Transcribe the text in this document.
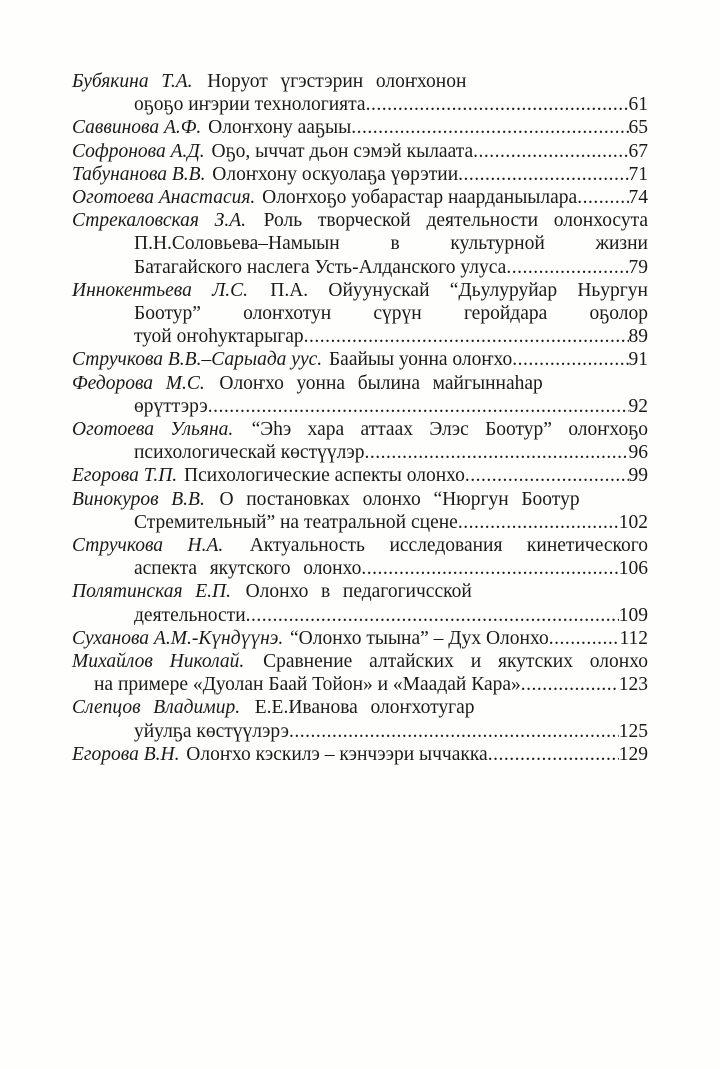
Бубякина Т.А. Норуот үгэстэрин олоҥхонон
оҕоҕо иҥэрии технологията .....	61
Саввинова А.Ф. Олоҥхону ааҕыы .....	65
Софронова А.Д. Оҕо, ыччат дьон сэмэй кылаата .....	67
Табунанова В.В. Олоҥхону оскуолаҕа үөрэтии .....	71
Оготоева Анастасия. Олоҥхоҕо уобарастар наарданыылара .....	74
Стрекаловская З.А. Роль творческой деятельности олонхосута
П.Н.Соловьева–Намыын в культурной жизни
Батагайского наслега Усть-Алданского улуса .....	79
Иннокентьева Л.С. П.А. Ойуунускай “Дьулуруйар Ньургун
Боотур” олоҥхотун сүрүн геройдара оҕолор
туой оҥоһуктарыгар .....	89
Стручкова В.В.–Сарыада уус. Баайыы уонна олоҥхо .....	91
Федорова М.С. Олоҥхо уонна былина майгыннаһар
өрүттэрэ .....	92
Оготоева Ульяна. “Эһэ хара аттаах Элэс Боотур” олоҥхоҕо
психологическай көстүүлэр .....	96
Егорова Т.П. Психологические аспекты олонхо .....	99
Винокуров В.В. О постановках олонхо “Нюргун Боотур
Стремительный” на театральной сцене .....	102
Стручкова Н.А. Актуальность исследования кинетического
аспекта якутского олонхо .....	106
Полятинская Е.П. Олонхо в педагогичсской
деятельности .....	109
Суханова А.М.-Күндүүнэ. “Олонхо тыына” – Дух Олонхо .....	112
Михайлов Николай. Сравнение алтайских и якутских олонхо
на примере «Дуолан Баай Тойон» и «Маадай Кара» .....	123
Слепцов Владимир. Е.Е.Иванова олоҥхотугар
уйулҕа көстүүлэрэ .....	125
Егорова В.Н. Олоҥхо кэскилэ – кэнчээри ыччакка .....	129
